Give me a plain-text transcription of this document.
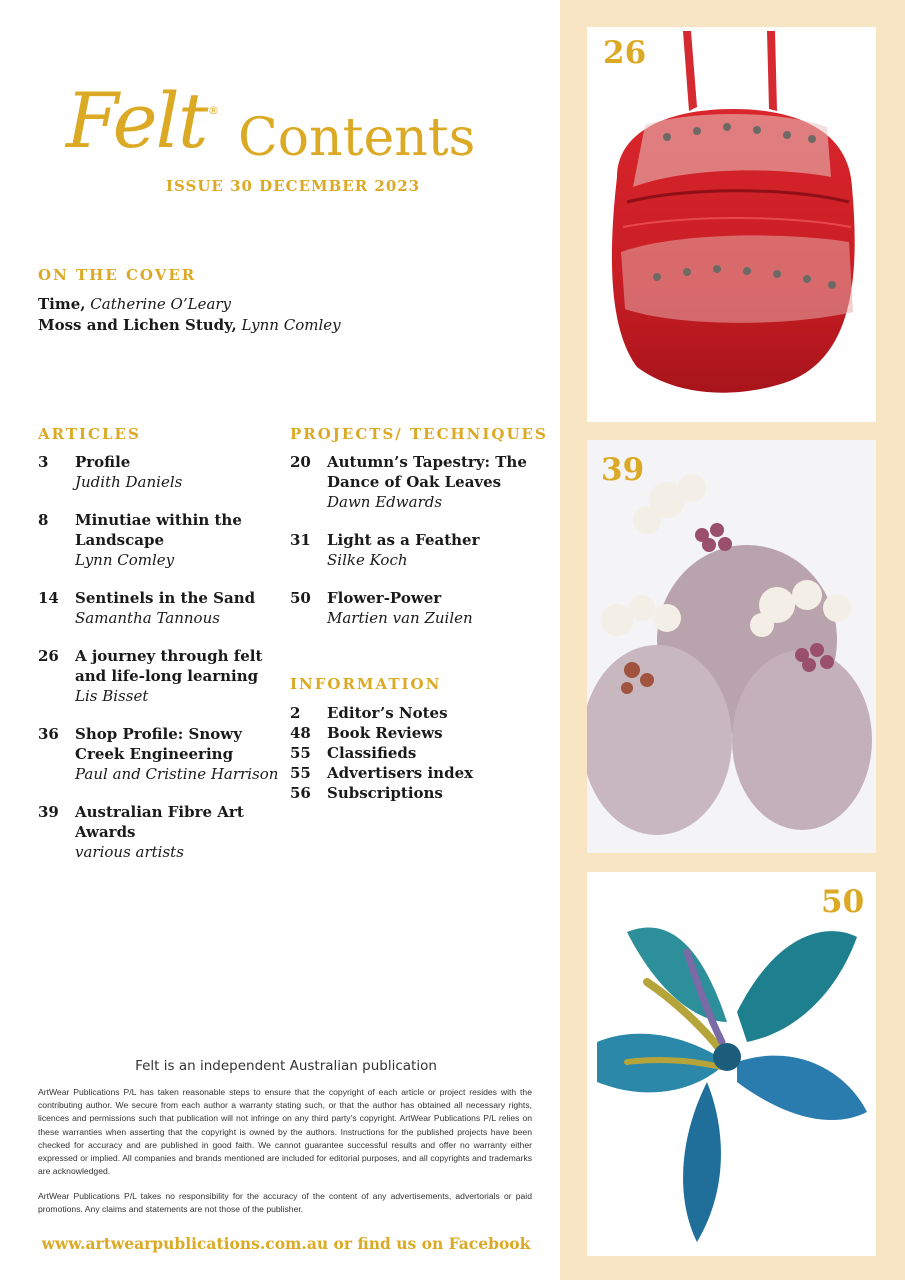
Felt ® Contents
ISSUE 30 DECEMBER 2023
ON THE COVER
Time, Catherine O’Leary
Moss and Lichen Study, Lynn Comley
ARTICLES
3 Profile
Judith Daniels
8 Minutiae within the Landscape
Lynn Comley
14 Sentinels in the Sand
Samantha Tannous
26 A journey through felt and life-long learning
Lis Bisset
36 Shop Profile: Snowy Creek Engineering
Paul and Cristine Harrison
39 Australian Fibre Art Awards
various artists
PROJECTS/ TECHNIQUES
20 Autumn’s Tapestry: The Dance of Oak Leaves
Dawn Edwards
31 Light as a Feather
Silke Koch
50 Flower-Power
Martien van Zuilen
INFORMATION
2 Editor’s Notes
48 Book Reviews
55 Classifieds
55 Advertisers index
56 Subscriptions
Felt is an independent Australian publication

ArtWear Publications P/L has taken reasonable steps to ensure that the copyright of each article or project resides with the contributing author. We secure from each author a warranty stating such, or that the author has obtained all necessary rights, licences and permissions such that publication will not infringe on any third party’s copyright. ArtWear Publications P/L relies on these warranties when asserting that the copyright is owned by the authors. Instructions for the published projects have been checked for accuracy and are published in good faith. We cannot guarantee successful results and offer no warranty either expressed or implied. All companies and brands mentioned are included for editorial purposes, and all copyrights and trademarks are acknowledged.

ArtWear Publications P/L takes no responsibility for the accuracy of the content of any advertisements, advertorials or paid promotions. Any claims and statements are not those of the publisher.

www.artwearpublications.com.au or find us on Facebook
26
39
50
